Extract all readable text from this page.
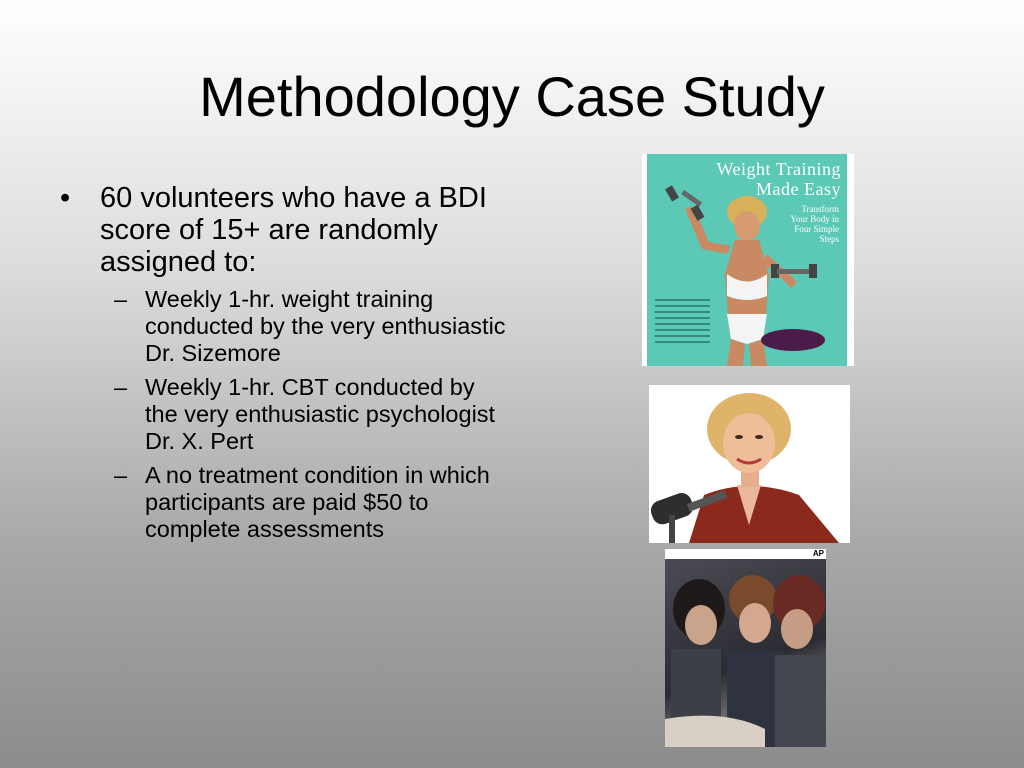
Methodology Case Study
• 60 volunteers who have a BDI score of 15+ are randomly assigned to:
– Weekly 1-hr. weight training conducted by the very enthusiastic Dr. Sizemore
– Weekly 1-hr. CBT conducted by the very enthusiastic psychologist Dr. X. Pert
– A no treatment condition in which participants are paid $50 to complete assessments
Weight Training
Made Easy
Transform Your Body in Four Simple Steps
AP
